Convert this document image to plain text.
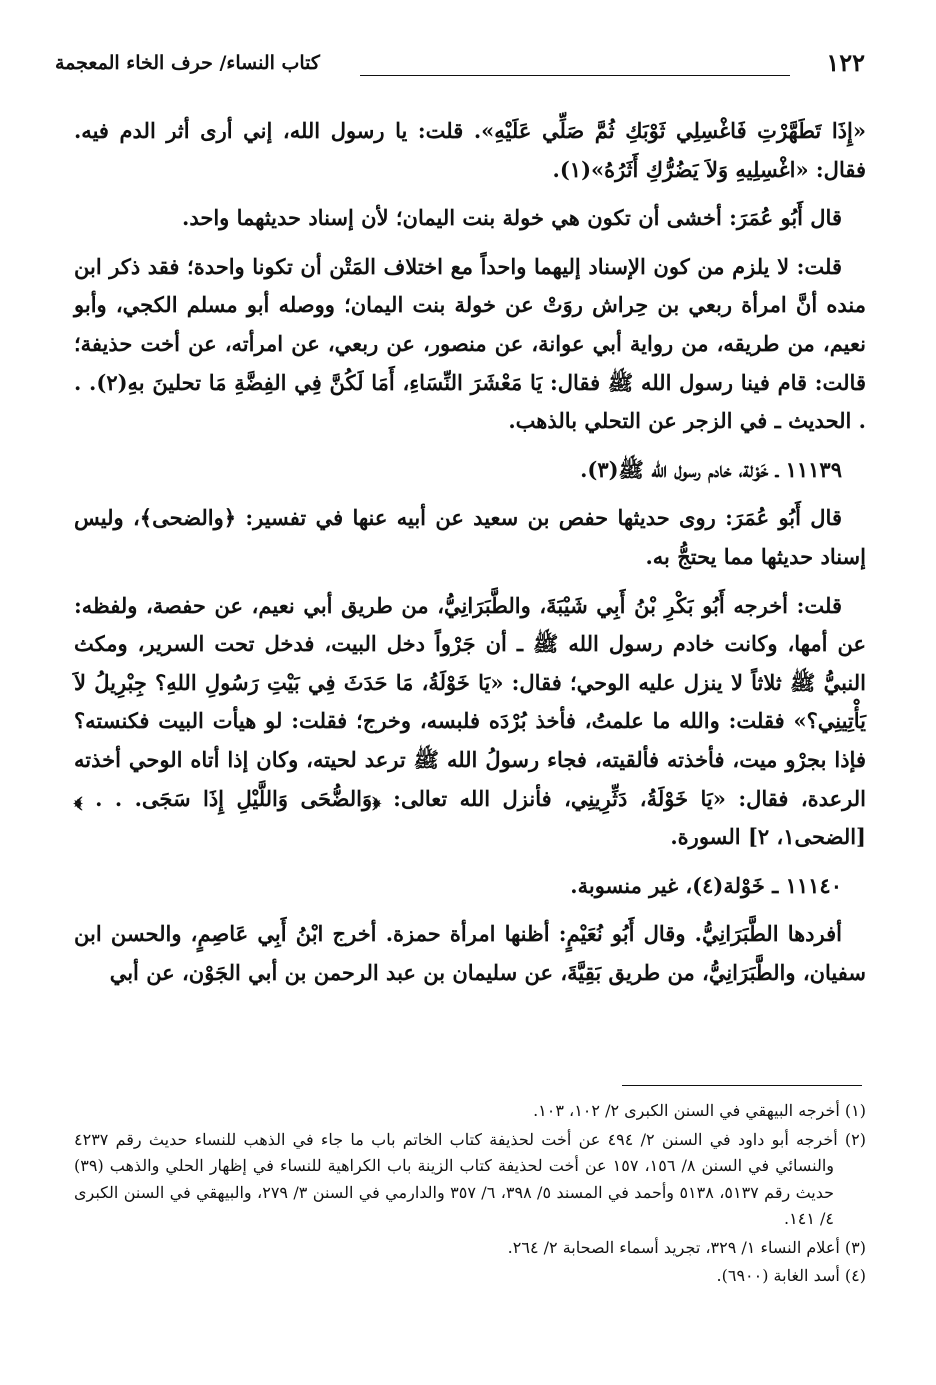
كتاب النساء/ حرف الخاء المعجمة	١٢٢
«إِذَا تَطَهَّرْتِ فَاغْسِلِي ثَوْبَكِ ثُمَّ صَلِّي عَلَيْهِ». قلت: يا رسول الله، إني أرى أثر الدم فيه. فقال: «اغْسِلِيهِ وَلاَ يَضُرُّكِ أَثَرُهُ»(١).
قال أَبُو عُمَرَ: أخشى أن تكون هي خولة بنت اليمان؛ لأن إسناد حديثهما واحد.
قلت: لا يلزم من كون الإسناد إليهما واحداً مع اختلاف المَتْن أن تكونا واحدة؛ فقد ذكر ابن منده أنَّ امرأة ربعي بن حِراش روَتْ عن خولة بنت اليمان؛ ووصله أبو مسلم الكجي، وأبو نعيم، من طريقه، من رواية أبي عوانة، عن منصور، عن ربعي، عن امرأته، عن أخت حذيفة؛ قالت: قام فينا رسول الله ﷺ فقال: يَا مَعْشَرَ النِّسَاءِ، أَمَا لَكُنَّ فِي الفِضَّةِ مَا تحلينَ بهِ(٢). . . الحديث ـ في الزجر عن التحلي بالذهب.
١١١٣٩ ـ خَوْلة، خادم رسول الله ﷺ(٣).
قال أَبُو عُمَرَ: روى حديثها حفص بن سعيد عن أبيه عنها في تفسير: ﴿والضحى﴾، وليس إسناد حديثها مما يحتجُّ به.
قلت: أخرجه أَبُو بَكْرِ بْنُ أَبِي شَيْبَةَ، والطَّبَرَانِيُّ، من طريق أبي نعيم، عن حفصة، ولفظه: عن أمها، وكانت خادم رسول الله ﷺ ـ أن جَرْواً دخل البيت، فدخل تحت السرير، ومكث النبيُّ ﷺ ثلاثاً لا ينزل عليه الوحي؛ فقال: «يَا خَوْلَةُ، مَا حَدَثَ فِي بَيْتِ رَسُولِ اللهِ؟ جِبْرِيلُ لاَ يَأْتِينِي؟» فقلت: والله ما علمتُ، فأخذ بُرْدَه فلبسه، وخرج؛ فقلت: لو هيأت البيت فكنسته؟ فإذا بجرْو ميت، فأخذته فألقيته، فجاء رسولُ الله ﷺ ترعد لحيته، وكان إذا أتاه الوحي أخذته الرعدة، فقال: «يَا خَوْلَةُ، دَثِّرِينِي، فأنزل الله تعالى: ﴿وَالضُّحَى وَاللَّيْلِ إِذَا سَجَى. . . ﴾ [الضحى١، ٢] السورة.
١١١٤٠ ـ خَوْلة(٤)، غير منسوبة.
أفردها الطَّبَرَانِيُّ. وقال أَبُو نُعَيْمٍ: أظنها امرأة حمزة. أخرج ابْنُ أَبِي عَاصِمٍ، والحسن ابن سفيان، والطَّبَرَانِيُّ، من طريق بَقِيَّةَ، عن سليمان بن عبد الرحمن بن أبي الجَوْن، عن أبي
(١) أخرجه البيهقي في السنن الكبرى ٢/ ١٠٢، ١٠٣.
(٢) أخرجه أبو داود في السنن ٢/ ٤٩٤ عن أخت لحذيفة كتاب الخاتم باب ما جاء في الذهب للنساء حديث رقم ٤٢٣٧ والنسائي في السنن ٨/ ١٥٦، ١٥٧ عن أخت لحذيفة كتاب الزينة باب الكراهية للنساء في إظهار الحلي والذهب (٣٩) حديث رقم ٥١٣٧، ٥١٣٨ وأحمد في المسند ٥/ ٣٩٨، ٦/ ٣٥٧ والدارمي في السنن ٣/ ٢٧٩، والبيهقي في السنن الكبرى ٤/ ١٤١.
(٣) أعلام النساء ١/ ٣٢٩، تجريد أسماء الصحابة ٢/ ٢٦٤.
(٤) أسد الغابة (٦٩٠٠).
